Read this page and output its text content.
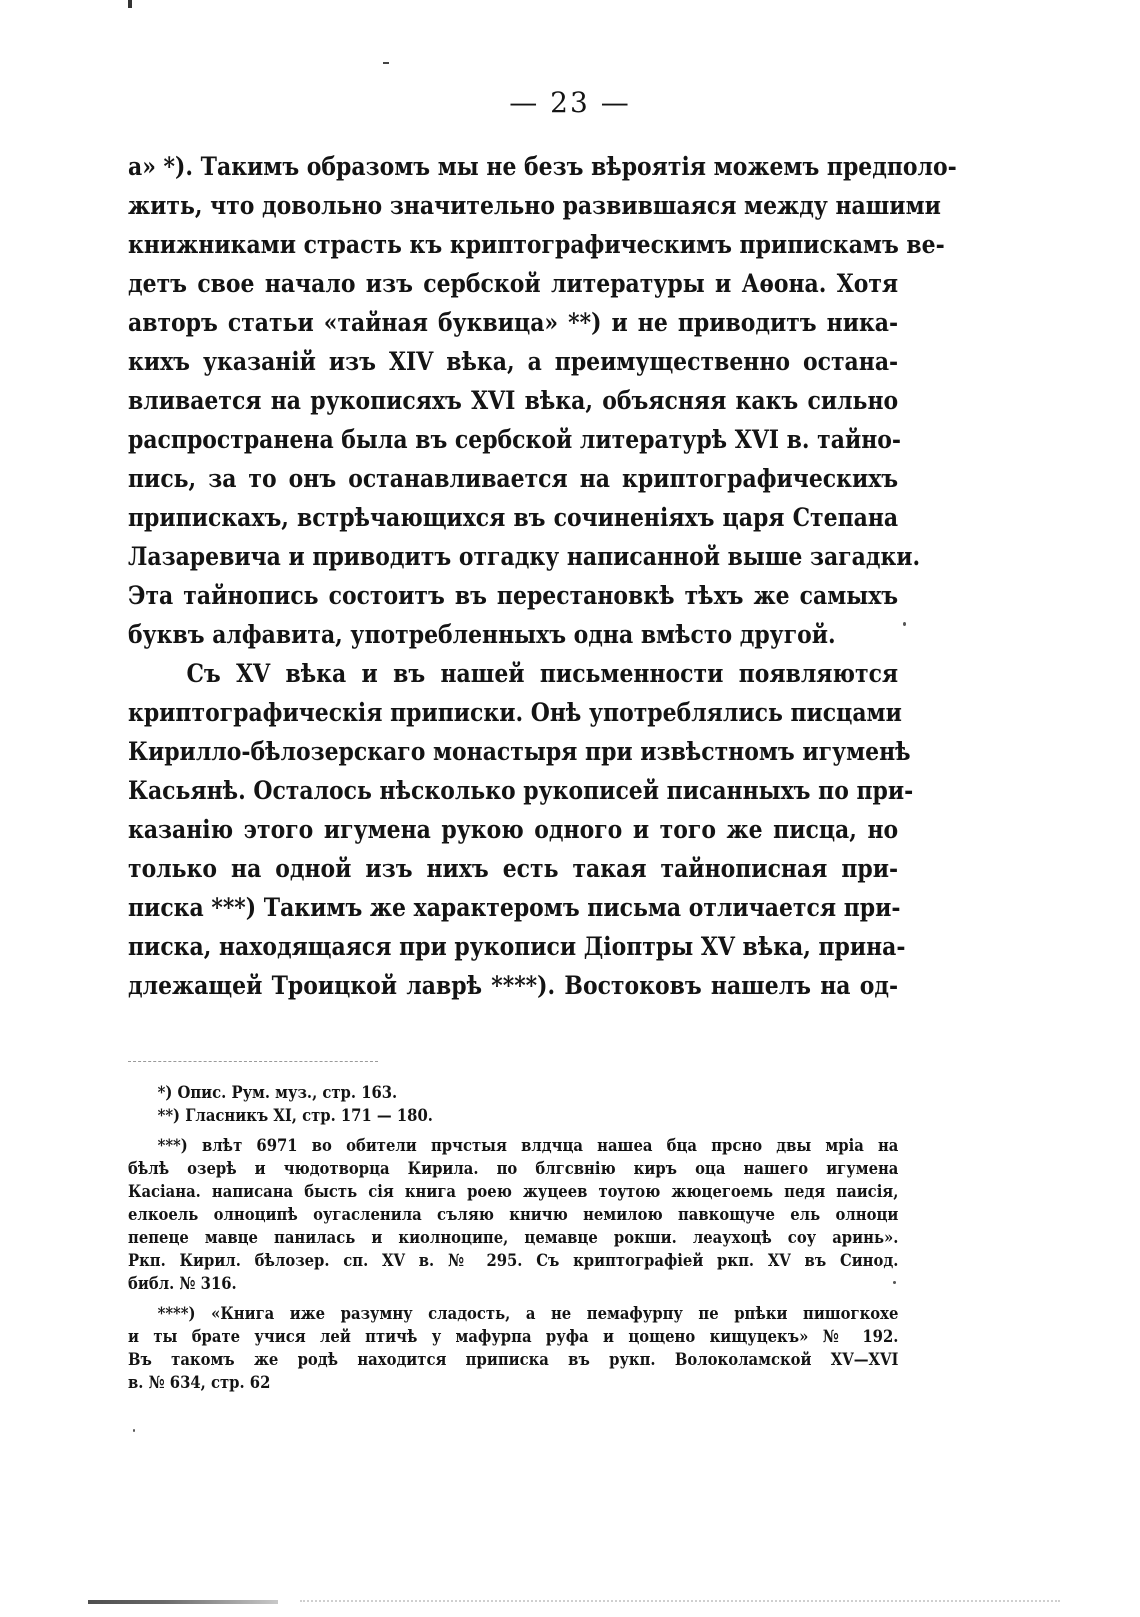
— 23 —
а» *). Такимъ образомъ мы не безъ вѣроятія можемъ предполо-
жить, что довольно значительно развившаяся между нашими
книжниками страсть къ криптографическимъ припискамъ ве-
детъ свое начало изъ сербской литературы и Аѳона. Хотя
авторъ статьи «тайная буквица» **) и не приводитъ никa-
кихъ указаній изъ XIV вѣка, а преимущественно останa-
вливается на рукописяхъ XVI вѣка, объясняя какъ сильно
распространена была въ сербской литературѣ XVI в. тайно-
пись, за то онъ останавливается на криптографическихъ
припискахъ, встрѣчающихся въ сочиненіяхъ царя Степана
Лазаревича и приводитъ отгадку написанной выше загадки.
Эта тайнопись состоитъ въ перестановкѣ тѣхъ же самыхъ
буквъ алфавита, употребленныхъ одна вмѣсто другой.
Съ XV вѣка и въ нашей письменности появляются
криптографическія приписки. Онѣ употреблялись писцами
Кирилло-бѣлозерскаго монастыря при извѣстномъ игуменѣ
Касьянѣ. Осталось нѣсколько рукописей писанныхъ по при-
казанію этого игумена рукою одного и того же писца, но
только на одной изъ нихъ есть такая тайнописная при-
писка ***) Такимъ же характеромъ письма отличается при-
писка, находящаяся при рукописи Діоптры XV вѣка, прина-
длежащей Троицкой лаврѣ ****). Востоковъ нашелъ на од-
*) Опис. Рум. муз., стр. 163.
**) Гласникъ XI, стр. 171 — 180.
***) влѣт 6971 во обители прчстыя влдчца нашеа бца прсно двы мрia на
бѣлѣ озерѣ и чюдотворца Кирила. по блгсвнію киръ оца нашего игумена
Касіана. написана бысть сія книга рoею жуцеев тoyтoю жюцегоемь педя паисія,
елкоель олноципѣ оугасленила съляю кничю немилою павкощуче ель олноци
пепеце мавце панилась и киолноципе, цемавце рокши. леаухоцѣ соу аринь».
Ркп. Кирил. бѣлозер. сп. XV в. № 295. Съ криптографіей ркп. XV въ Синод.
библ. № 316.
****) «Книга иже разумну сладость, а не пемафурпу пе рпѣки пишогкохе
и ты брате учися лей птичѣ у мафурпа руфа и цощено кищуцекъ» № 192.
Въ такомъ же родѣ находится приписка въ рукп. Волоколамской XV—XVI
в. № 634, стр. 62
